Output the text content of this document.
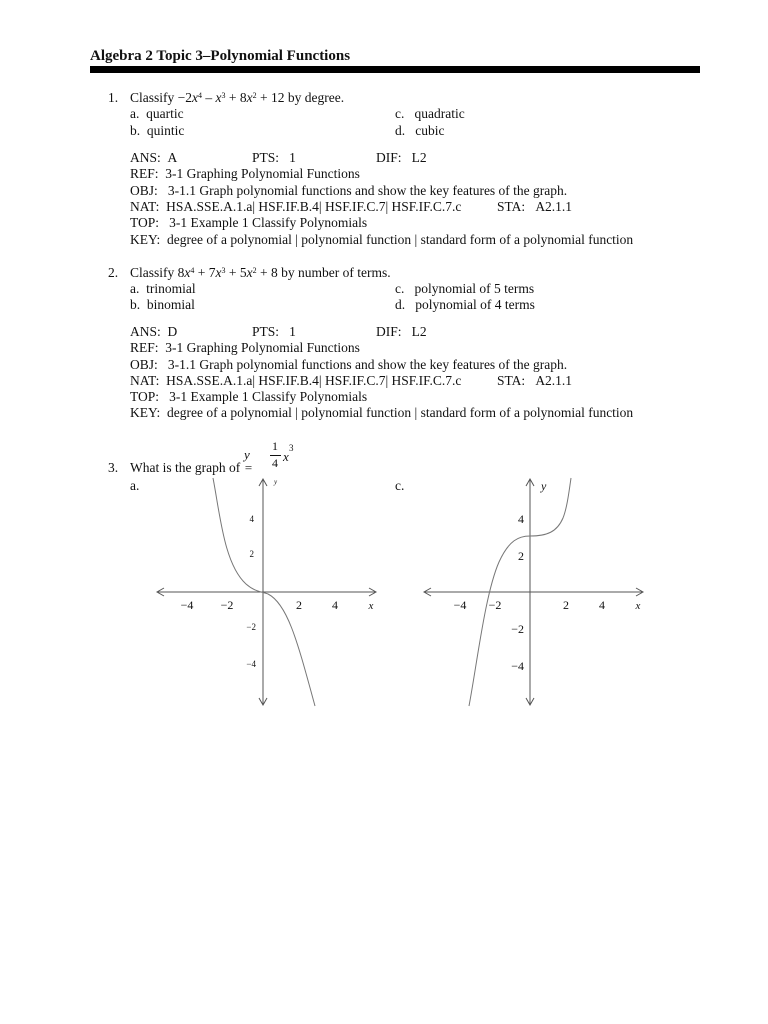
Algebra 2 Topic 3–Polynomial Functions
1. Classify $-2x^4 - x^3 + 8x^2 + 12$ by degree.
a.  quartic
b.  quintic
c.   quadratic
d.   cubic
ANS: A	PTS: 1	DIF: L2
REF: 3-1 Graphing Polynomial Functions
OBJ: 3-1.1 Graph polynomial functions and show the key features of the graph.
NAT: HSA.SSE.A.1.a| HSF.IF.B.4| HSF.IF.C.7| HSF.IF.C.7.c	STA: A2.1.1
TOP: 3-1 Example 1 Classify Polynomials
KEY: degree of a polynomial | polynomial function | standard form of a polynomial function
2. Classify $8x^4 + 7x^3 + 5x^2 + 8$ by number of terms.
a.  trinomial
b.  binomial
c.   polynomial of 5 terms
d.   polynomial of 4 terms
ANS: D	PTS: 1	DIF: L2
REF: 3-1 Graphing Polynomial Functions
OBJ: 3-1.1 Graph polynomial functions and show the key features of the graph.
NAT: HSA.SSE.A.1.a| HSF.IF.B.4| HSF.IF.C.7| HSF.IF.C.7.c	STA: A2.1.1
TOP: 3-1 Example 1 Classify Polynomials
KEY: degree of a polynomial | polynomial function | standard form of a polynomial function
3. What is the graph of
y =
1
4 x
3
a.	c.
−4 −2	2	4	x
4
2
−2
−4
y
−4 −2	2	4	x
4
2
−2
−4
y
